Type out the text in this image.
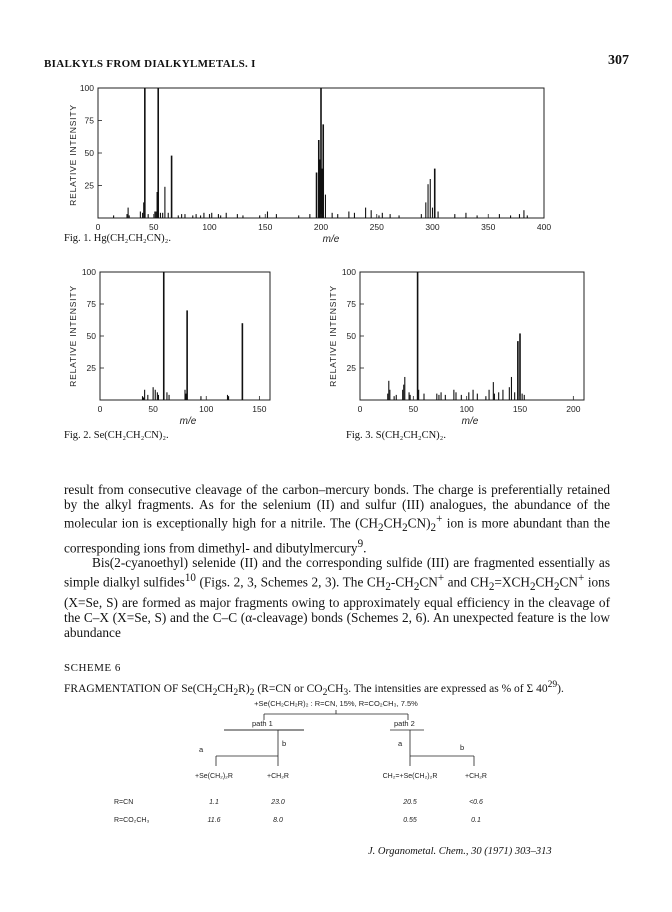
BIALKYLS FROM DIALKYLMETALS. I	307
100
75
50
25
0	50	100	150	200	250	300	350	400
RELATIVE INTENSITY
m/e
Fig. 1. Hg(CH₂CH₂CN)₂.
100
75
50
25
0	50	100	150
RELATIVE INTENSITY
m/e
Fig. 2. Se(CH₂CH₂CN)₂.
100
75
50
25
0	50	100	150	200
RELATIVE INTENSITY
m/e
Fig. 3. S(CH₂CH₂CN)₂.

result from consecutive cleavage of the carbon–mercury bonds. The charge is preferentially retained by the alkyl fragments. As for the selenium (II) and sulfur (III) analogues, the abundance of the molecular ion is exceptionally high for a nitrile. The $(CH_2CH_2CN)_2^+$ ion is more abundant than the corresponding ions from dimethyl- and dibutylmercury$^9$.

Bis(2-cyanoethyl) selenide (II) and the corresponding sulfide (III) are fragmented essentially as simple dialkyl sulfides$^{10}$ (Figs. 2, 3, Schemes 2, 3). The $CH_2-CH_2CN^+$ and $CH_2=XCH_2CH_2CN^+$ ions (X=Se, S) are formed as major fragments owing to approximately equal efficiency in the cleavage of the C–X (X=Se, S) and the C–C (α-cleavage) bonds (Schemes 2, 6). An unexpected feature is the low abundance

SCHEME 6
FRAGMENTATION OF $Se(CH_2CH_2R)_2$ (R=CN or $CO_2CH_3$. The intensities are expressed as % of Σ $40^{29}$).
+Se(CH₂CH₂R)₂ : R=CN, 15%, R=CO₂CH₃, 7.5%
path 1	path 2
a
b	a	b
+Se(CH₂)₂R	+CH₂R	CH₂=+Se(CH₂)₂R	+CH₂R
R=CN	1.1	23.0	20.5	<0.6
R=CO₂CH₃	11.6	8.0	0.55	0.1
J. Organometal. Chem., 30 (1971) 303–313
